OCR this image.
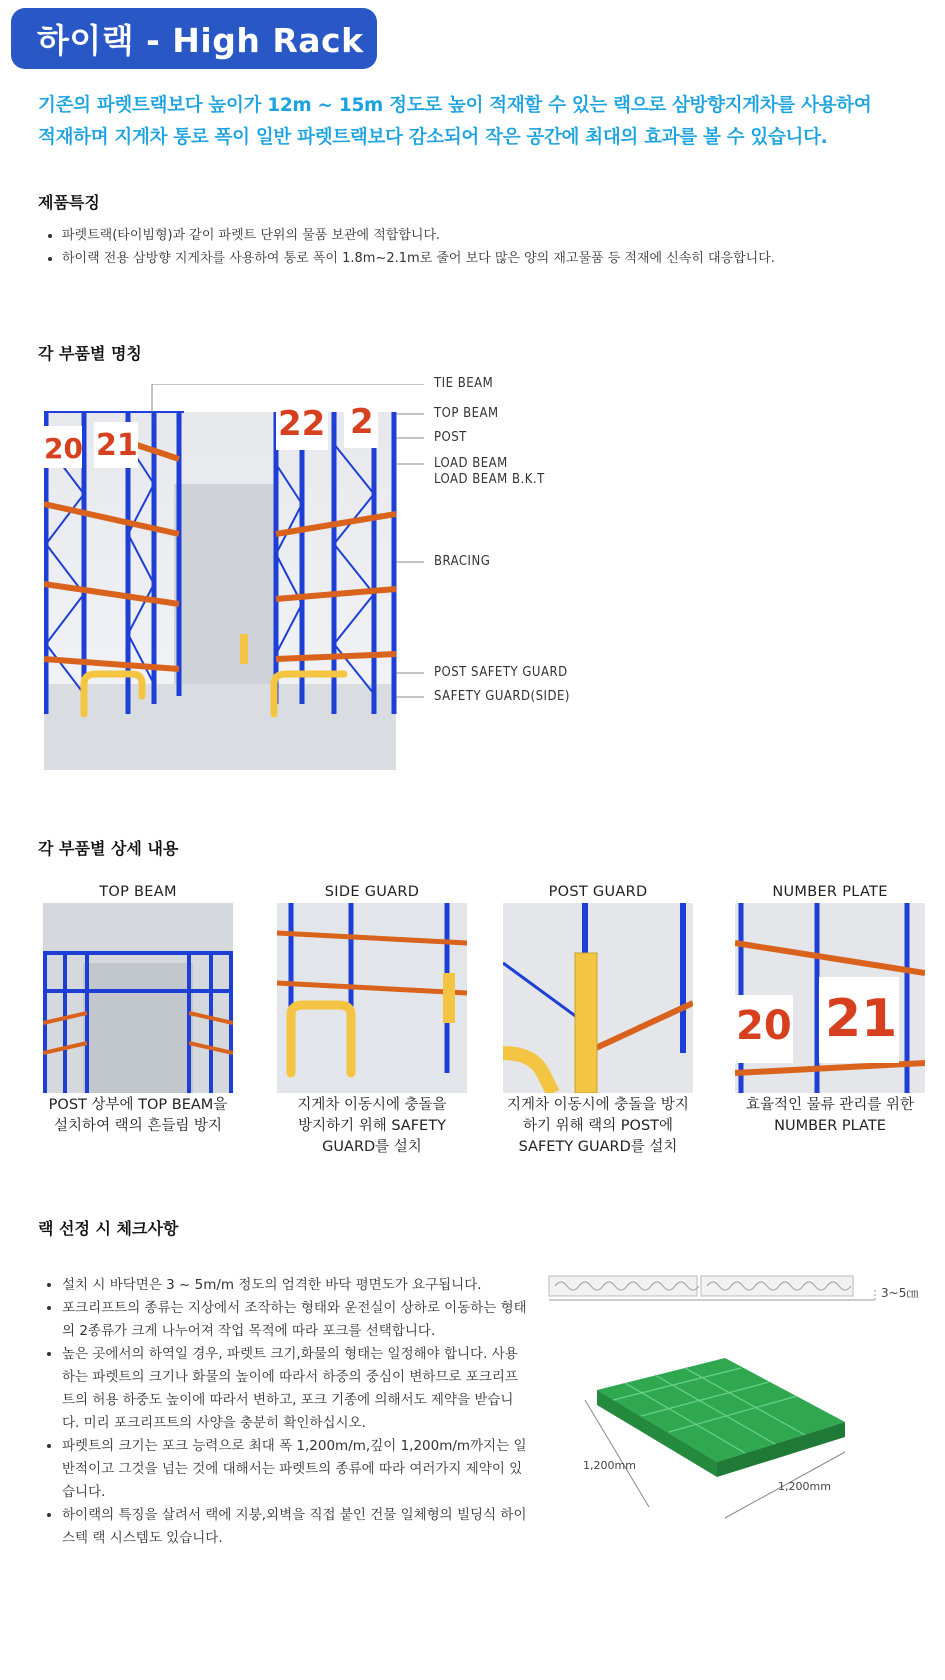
하이랙 - High Rack
기존의 파렛트랙보다 높이가 12m ~ 15m 정도로 높이 적재할 수 있는 랙으로 삼방향지게차를 사용하여
적재하며 지게차 통로 폭이 일반 파렛트랙보다 감소되어 작은 공간에 최대의 효과를 볼 수 있습니다.
제품특징
• 파렛트랙(타이빔형)과 같이 파렛트 단위의 물품 보관에 적합합니다.
• 하이랙 전용 삼방향 지게차를 사용하여 통로 폭이 1.8m~2.1m로 줄어 보다 많은 양의 재고물품 등 적재에 신속히 대응합니다.
각 부품별 명칭
20 21
22 2
TIE BEAM
TOP BEAM
POST
LOAD BEAM
LOAD BEAM B.K.T
BRACING
POST SAFETY GUARD
SAFETY GUARD(SIDE)
각 부품별 상세 내용
TOP BEAM
POST 상부에 TOP BEAM을
설치하여 랙의 흔들림 방지
SIDE GUARD
지게차 이동시에 충돌을
방지하기 위해 SAFETY
GUARD를 설치
POST GUARD
지게차 이동시에 충돌을 방지
하기 위해 랙의 POST에
SAFETY GUARD를 설치
NUMBER PLATE
20 21
효율적인 물류 관리를 위한
NUMBER PLATE
랙 선정 시 체크사항
• 설치 시 바닥면은 3 ~ 5m/m 정도의 엄격한 바닥 평면도가 요구됩니다.
• 포크리프트의 종류는 지상에서 조작하는 형태와 운전실이 상하로 이동하는 형태의 2종류가 크게 나누어져 작업 목적에 따라 포크를 선택합니다.
• 높은 곳에서의 하역일 경우, 파렛트 크기,화물의 형태는 일정해야 합니다. 사용하는 파렛트의 크기나 화물의 높이에 따라서 하중의 중심이 변하므로 포크리프트의 허용 하중도 높이에 따라서 변하고, 포크 기종에 의해서도 제약을 받습니다. 미리 포크리프트의 사양을 충분히 확인하십시오.
• 파렛트의 크기는 포크 능력으로 최대 폭 1,200m/m,깊이 1,200m/m까지는 일반적이고 그것을 넘는 것에 대해서는 파렛트의 종류에 따라 여러가지 제약이 있습니다.
• 하이랙의 특징을 살려서 랙에 지붕,외벽을 직접 붙인 건물 일체형의 빌딩식 하이스텍 랙 시스템도 있습니다.
3~5㎝
1,200mm
1,200mm
